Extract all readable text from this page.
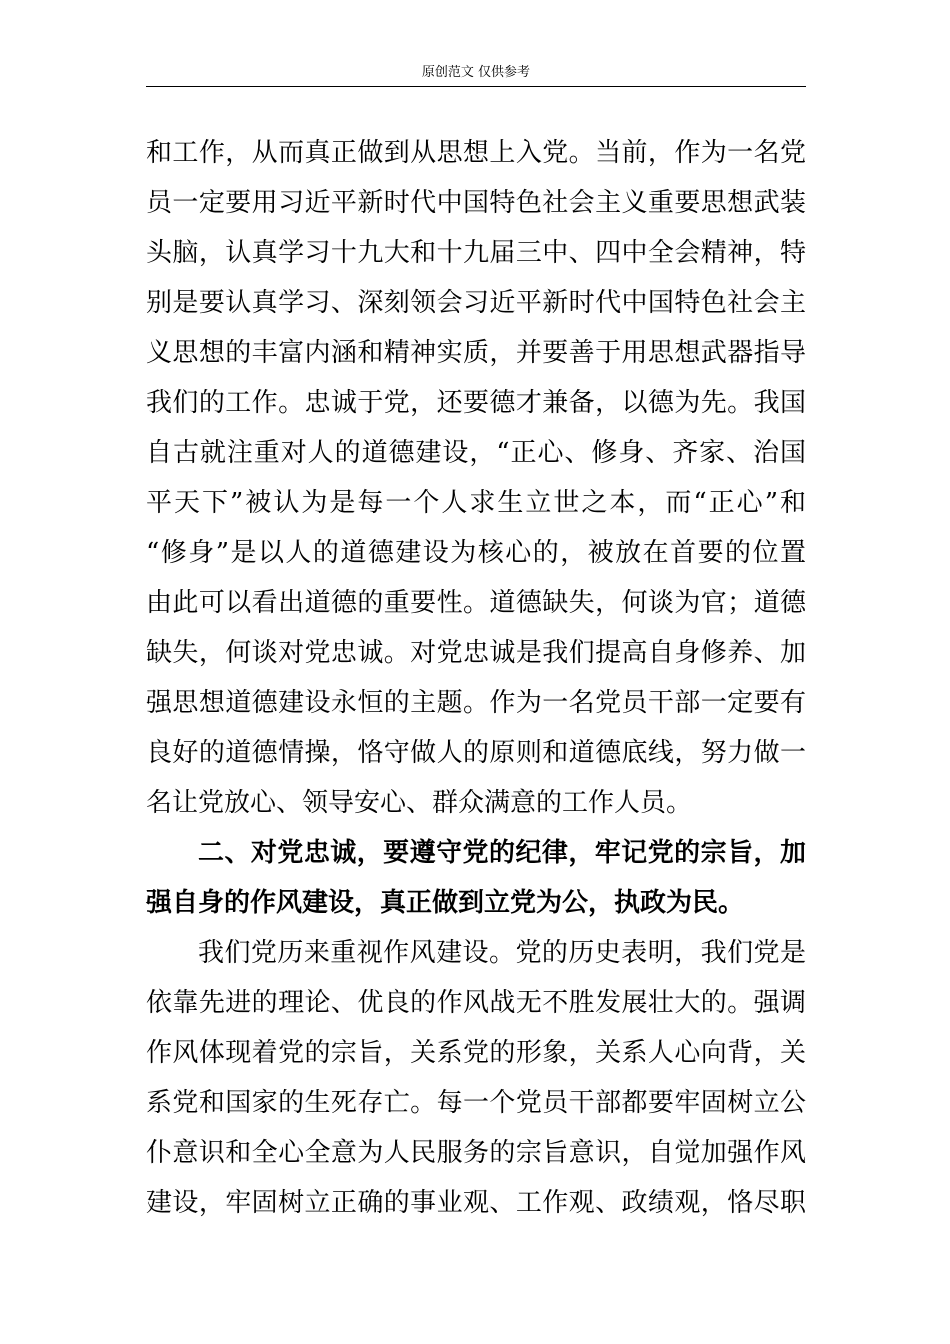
原创范文 仅供参考
和工作，从而真正做到从思想上入党。当前，作为一名党
员一定要用习近平新时代中国特色社会主义重要思想武装
头脑，认真学习十九大和十九届三中、四中全会精神，特
别是要认真学习、深刻领会习近平新时代中国特色社会主
义思想的丰富内涵和精神实质，并要善于用思想武器指导
我们的工作。忠诚于党，还要德才兼备，以德为先。我国
自古就注重对人的道德建设，“正心、修身、齐家、治国
平天下”被认为是每一个人求生立世之本，而“正心”和
“修身”是以人的道德建设为核心的，被放在首要的位置
由此可以看出道德的重要性。道德缺失，何谈为官；道德
缺失，何谈对党忠诚。对党忠诚是我们提高自身修养、加
强思想道德建设永恒的主题。作为一名党员干部一定要有
良好的道德情操，恪守做人的原则和道德底线，努力做一
名让党放心、领导安心、群众满意的工作人员。
二、对党忠诚，要遵守党的纪律，牢记党的宗旨，加
强自身的作风建设，真正做到立党为公，执政为民。
我们党历来重视作风建设。党的历史表明，我们党是
依靠先进的理论、优良的作风战无不胜发展壮大的。强调
作风体现着党的宗旨，关系党的形象，关系人心向背，关
系党和国家的生死存亡。每一个党员干部都要牢固树立公
仆意识和全心全意为人民服务的宗旨意识，自觉加强作风
建设，牢固树立正确的事业观、工作观、政绩观，恪尽职
